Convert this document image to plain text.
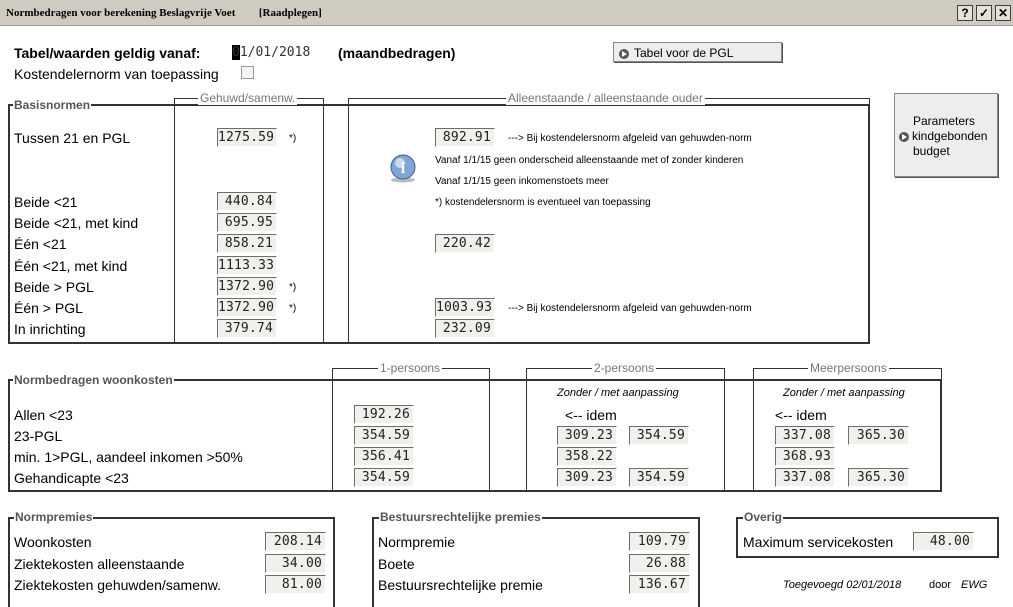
Normbedragen voor berekening Beslagvrije Voet [Raadplegen]	? ✓ ✕
Tabel/waarden geldig vanaf: 01/01/2018 (maandbedragen)
Kostendelernorm van toepassing
Tabel voor de PGL
Parameters
kindgebonden
budget
Basisnormen	Gehuwd/samenw.	Alleenstaande / alleenstaande ouder
Tussen 21 en PGL	1275.59 *)	892.91	---> Bij kostendelersnorm afgeleid van gehuwden-norm
Vanaf 1/1/15 geen onderscheid alleenstaande met of zonder kinderen
Vanaf 1/1/15 geen inkomenstoets meer
*) kostendelersnorm is eventueel van toepassing
i
Beide <21	440.84
Beide <21, met kind	695.95
Één <21	858.21	220.42
Één <21, met kind	1113.33
Beide > PGL	1372.90 *)
Één > PGL	1372.90 *)	1003.93 ---> Bij kostendelersnorm afgeleid van gehuwden-norm
In inrichting	379.74	232.09
Normbedragen woonkosten
1-persoons	2-persoons	Meerpersoons
Zonder / met aanpassing	Zonder / met aanpassing
Allen <23	192.26	<-- idem	<-- idem
23-PGL	354.59	309.23	354.59	337.08	365.30
min. 1>PGL, aandeel inkomen >50%	356.41	358.22	368.93
Gehandicapte <23	354.59	309.23	354.59	337.08	365.30
Normpremies
Woonkosten	208.14
Ziektekosten alleenstaande	34.00
Ziektekosten gehuwden/samenw.	81.00
Bestuursrechtelijke premies
Normpremie	109.79
Boete	26.88
Bestuursrechtelijke premie	136.67
Overig
Maximum servicekosten	48.00
Toegevoegd 02/01/2018	door EWG
